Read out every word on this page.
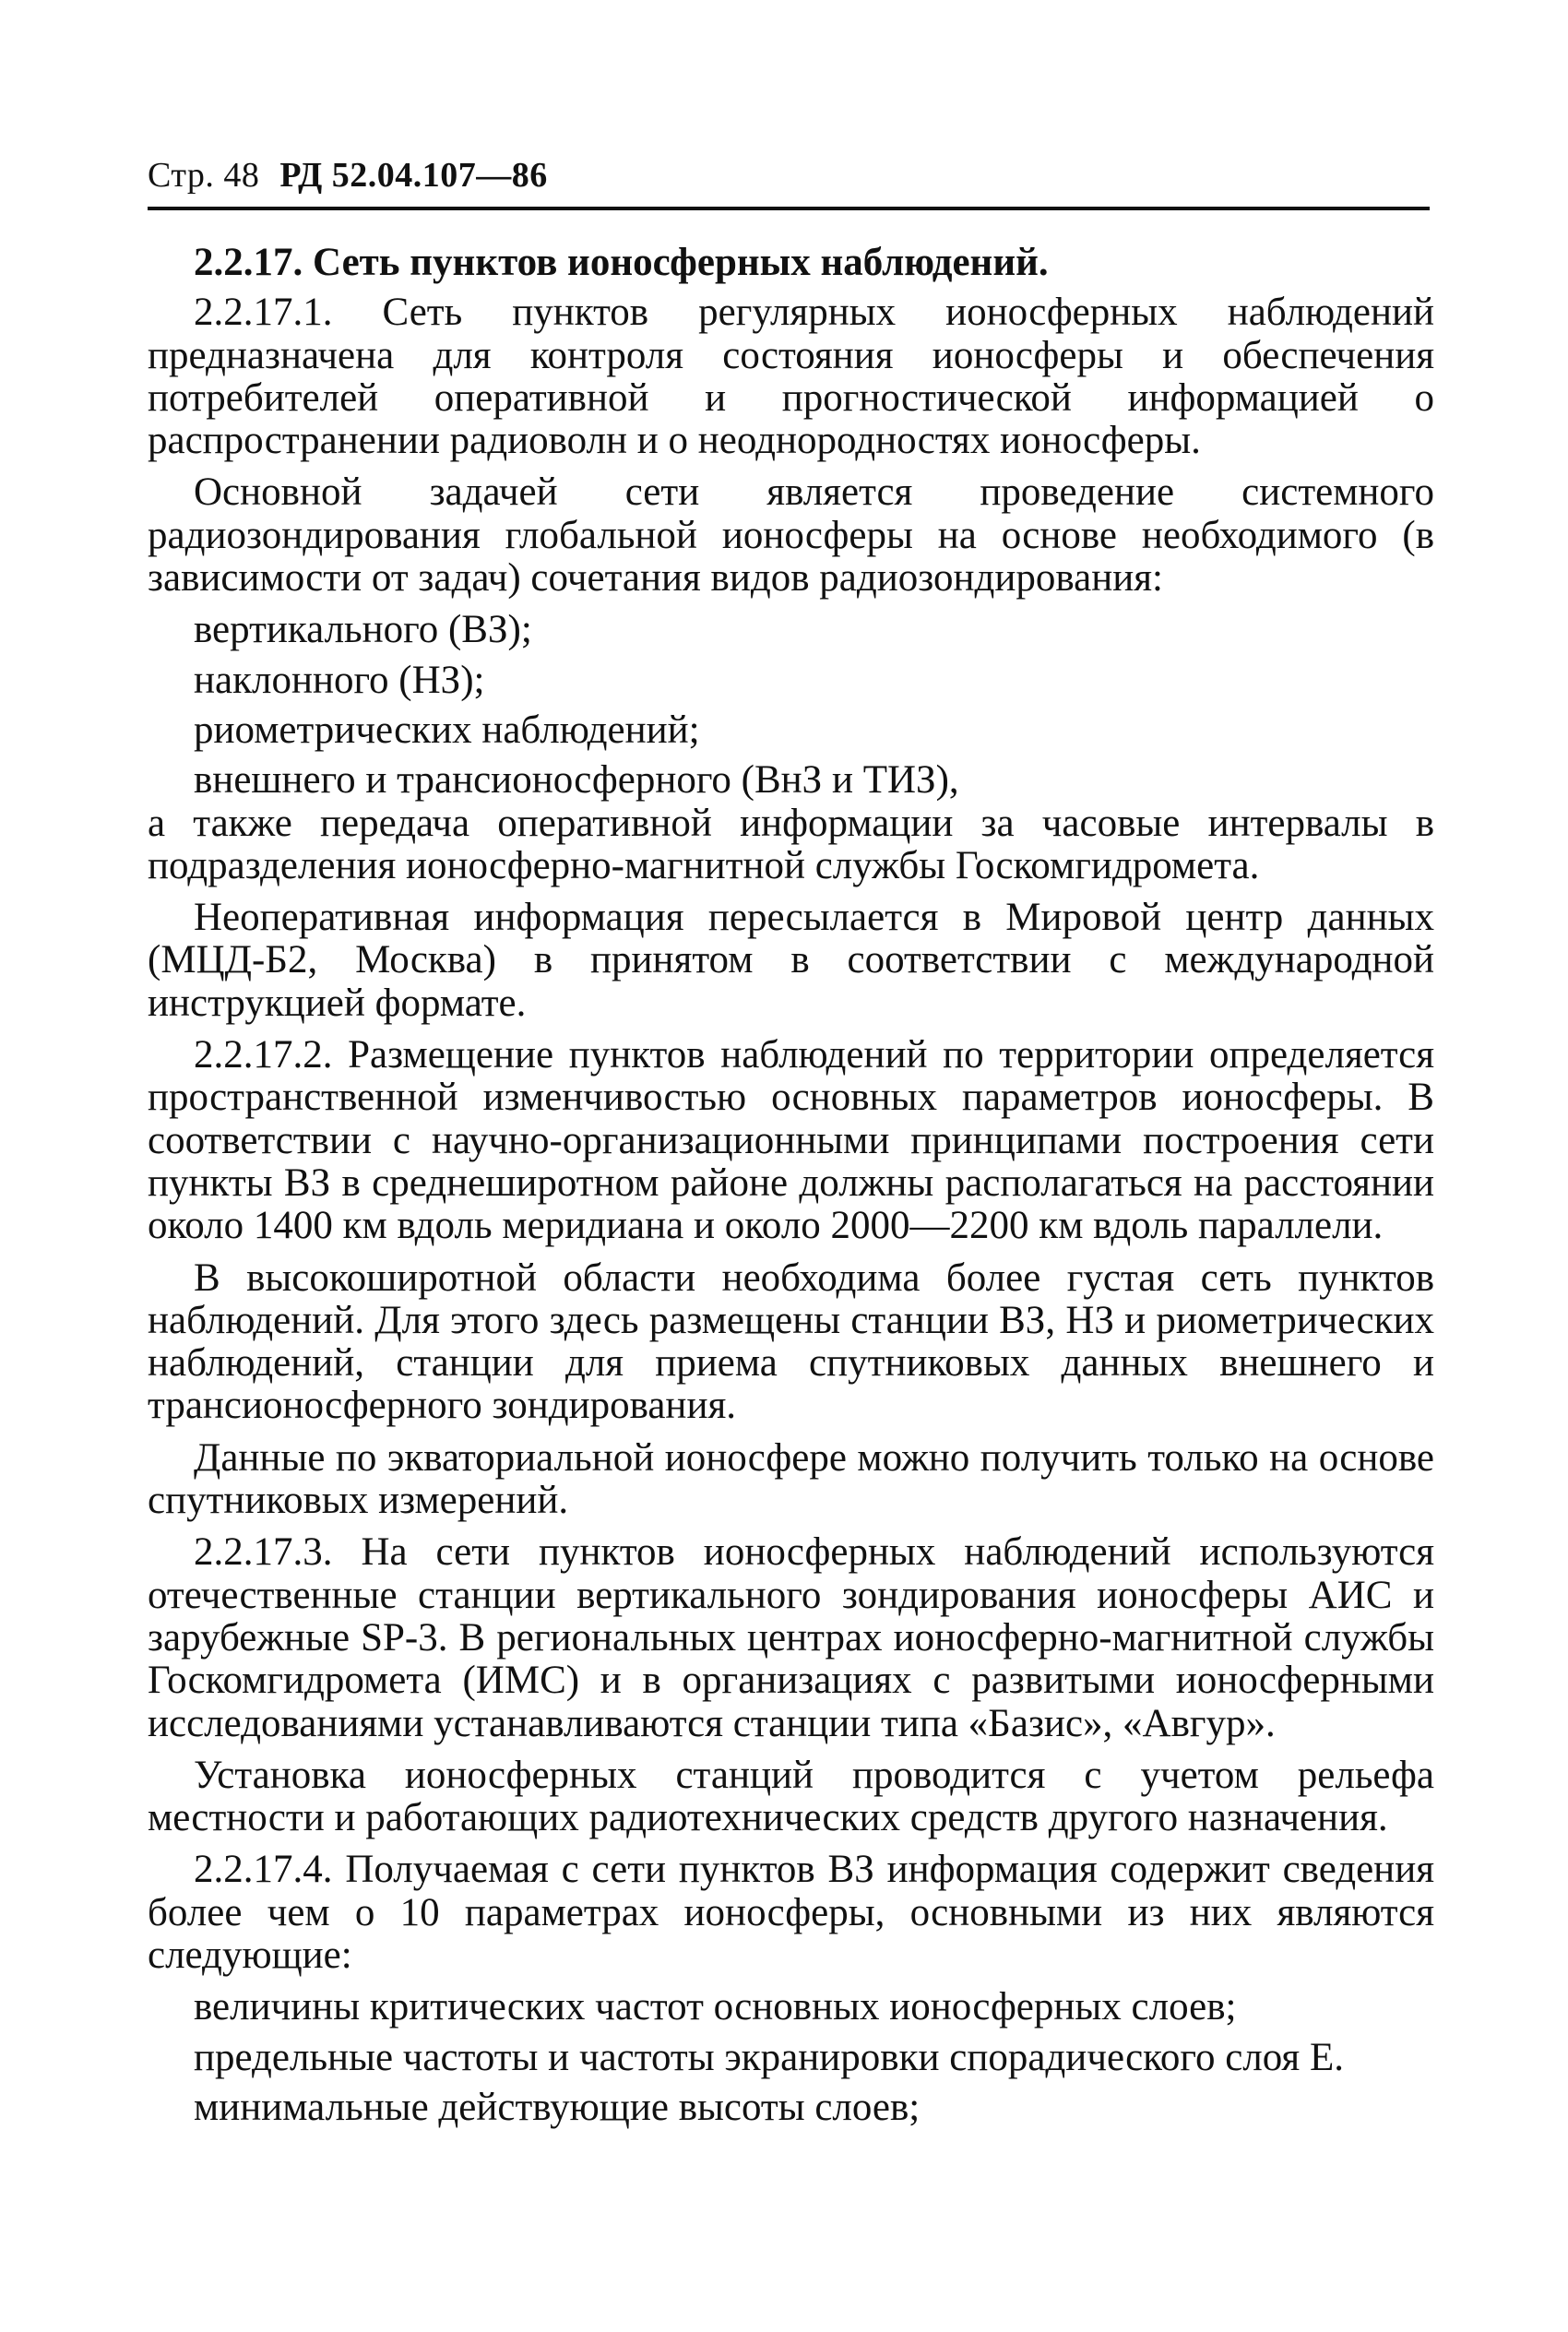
Стр. 48 РД 52.04.107—86
2.2.17. Сеть пунктов ионосферных наблюдений.
2.2.17.1. Сеть пунктов регулярных ионосферных наблюдений предназначена для контроля состояния ионосферы и обеспечения потребителей оперативной и прогностической информацией о распространении радиоволн и о неоднородностях ионосферы.
Основной задачей сети является проведение системного радиозондирования глобальной ионосферы на основе необходимого (в зависимости от задач) сочетания видов радиозондирования:
вертикального (ВЗ);
наклонного (НЗ);
риометрических наблюдений;
внешнего и трансионосферного (ВнЗ и ТИЗ),
а также передача оперативной информации за часовые интервалы в подразделения ионосферно-магнитной службы Госкомгидромета.
Неоперативная информация пересылается в Мировой центр данных (МЦД-Б2, Москва) в принятом в соответствии с международной инструкцией формате.
2.2.17.2. Размещение пунктов наблюдений по территории определяется пространственной изменчивостью основных параметров ионосферы. В соответствии с научно-организационными принципами построения сети пункты ВЗ в среднеширотном районе должны располагаться на расстоянии около 1400 км вдоль меридиана и около 2000—2200 км вдоль параллели.
В высокоширотной области необходима более густая сеть пунктов наблюдений. Для этого здесь размещены станции ВЗ, НЗ и риометрических наблюдений, станции для приема спутниковых данных внешнего и трансионосферного зондирования.
Данные по экваториальной ионосфере можно получить только на основе спутниковых измерений.
2.2.17.3. На сети пунктов ионосферных наблюдений используются отечественные станции вертикального зондирования ионосферы АИС и зарубежные SP-3. В региональных центрах ионосферно-магнитной службы Госкомгидромета (ИМС) и в организациях с развитыми ионосферными исследованиями устанавливаются станции типа «Базис», «Авгур».
Установка ионосферных станций проводится с учетом рельефа местности и работающих радиотехнических средств другого назначения.
2.2.17.4. Получаемая с сети пунктов ВЗ информация содержит сведения более чем о 10 параметрах ионосферы, основными из них являются следующие:
величины критических частот основных ионосферных слоев;
предельные частоты и частоты экранировки спорадического слоя Е.
минимальные действующие высоты слоев;
